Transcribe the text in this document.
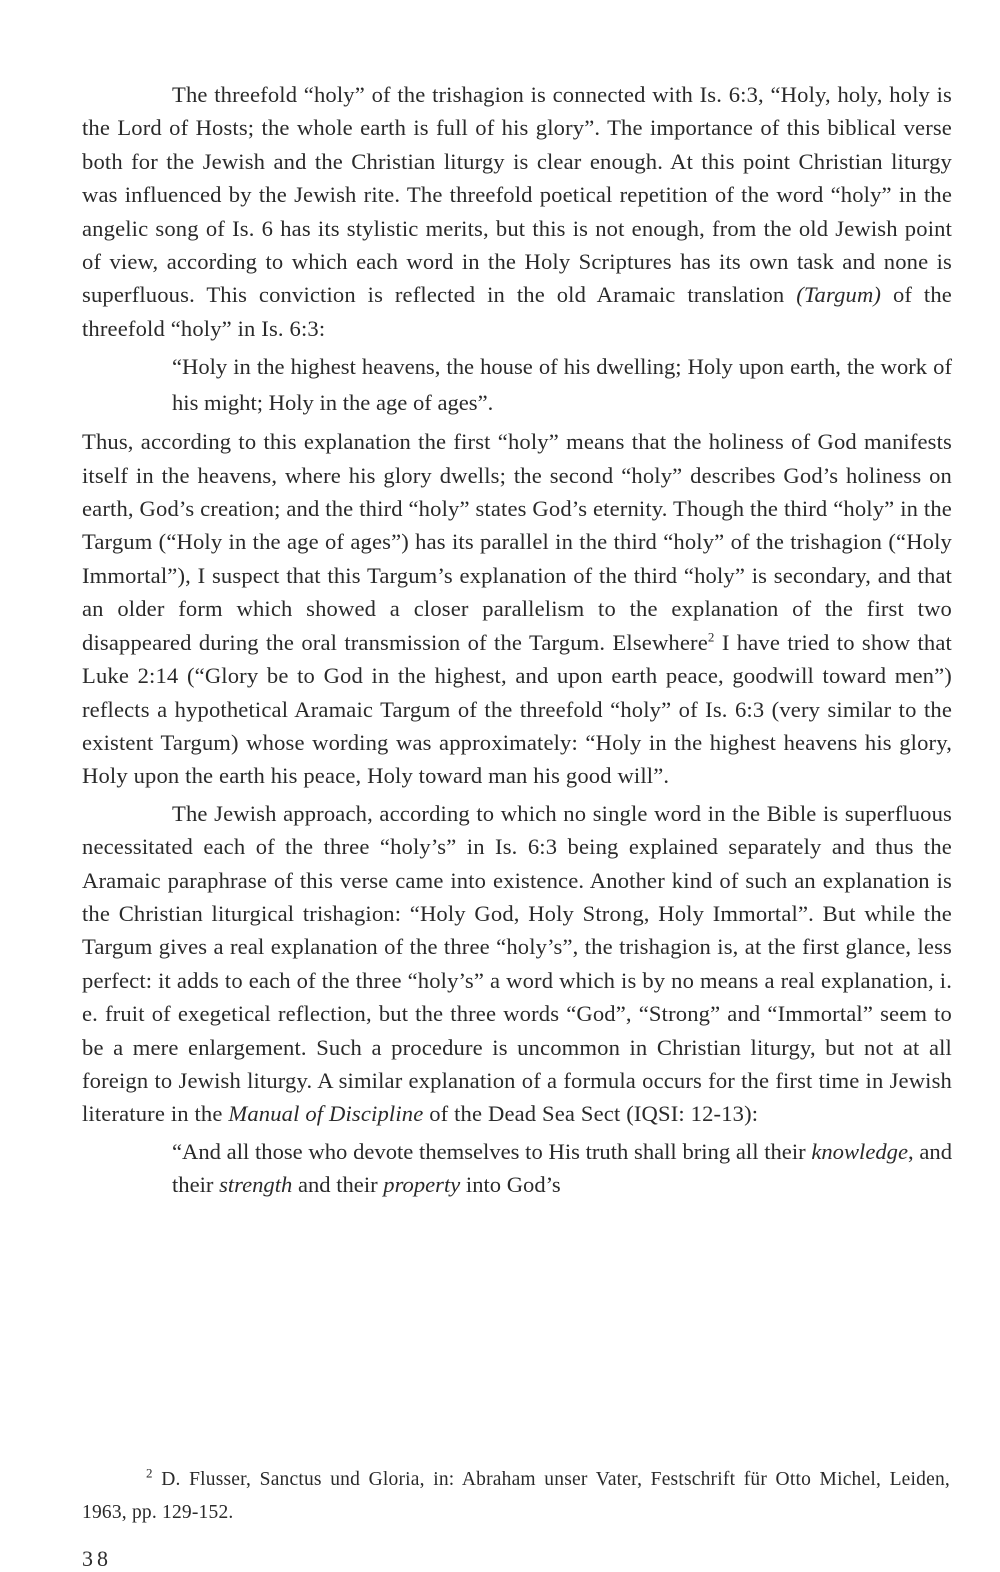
The threefold “holy” of the trishagion is connected with Is. 6:3, “Holy, holy, holy is the Lord of Hosts; the whole earth is full of his glory”. The importance of this biblical verse both for the Jewish and the Christian liturgy is clear enough. At this point Christian liturgy was influenced by the Jewish rite. The threefold poetical repetition of the word “holy” in the angelic song of Is. 6 has its stylistic merits, but this is not enough, from the old Jewish point of view, according to which each word in the Holy Scriptures has its own task and none is superfluous. This conviction is reflected in the old Aramaic translation (Targum) of the threefold “holy” in Is. 6:3:

“Holy in the highest heavens, the house of his dwelling; Holy upon earth, the work of his might; Holy in the age of ages”.

Thus, according to this explanation the first “holy” means that the holiness of God manifests itself in the heavens, where his glory dwells; the second “holy” describes God’s holiness on earth, God’s creation; and the third “holy” states God’s eternity. Though the third “holy” in the Targum (“Holy in the age of ages”) has its parallel in the third “holy” of the trishagion (“Holy Immortal”), I suspect that this Targum’s explanation of the third “holy” is secondary, and that an older form which showed a closer parallelism to the explanation of the first two disappeared during the oral transmission of the Targum. Elsewhere$^2$ I have tried to show that Luke 2:14 (“Glory be to God in the highest, and upon earth peace, goodwill toward men”) reflects a hypothetical Aramaic Targum of the threefold “holy” of Is. 6:3 (very similar to the existent Targum) whose wording was approximately: “Holy in the highest heavens his glory, Holy upon the earth his peace, Holy toward man his good will”.

The Jewish approach, according to which no single word in the Bible is superfluous necessitated each of the three “holy’s” in Is. 6:3 being explained separately and thus the Aramaic paraphrase of this verse came into existence. Another kind of such an explanation is the Christian liturgical trishagion: “Holy God, Holy Strong, Holy Immortal”. But while the Targum gives a real explanation of the three “holy’s”, the trishagion is, at the first glance, less perfect: it adds to each of the three “holy’s” a word which is by no means a real explanation, i. e. fruit of exegetical reflection, but the three words “God”, “Strong” and “Immortal” seem to be a mere enlargement. Such a procedure is uncommon in Christian liturgy, but not at all foreign to Jewish liturgy. A similar explanation of a formula occurs for the first time in Jewish literature in the Manual of Discipline of the Dead Sea Sect (IQSI: 12-13):

“And all those who devote themselves to His truth shall bring all their knowledge, and their strength and their property into God’s

$^2$ D. Flusser, Sanctus und Gloria, in: Abraham unser Vater, Festschrift für Otto Michel, Leiden, 1963, pp. 129-152.

38
